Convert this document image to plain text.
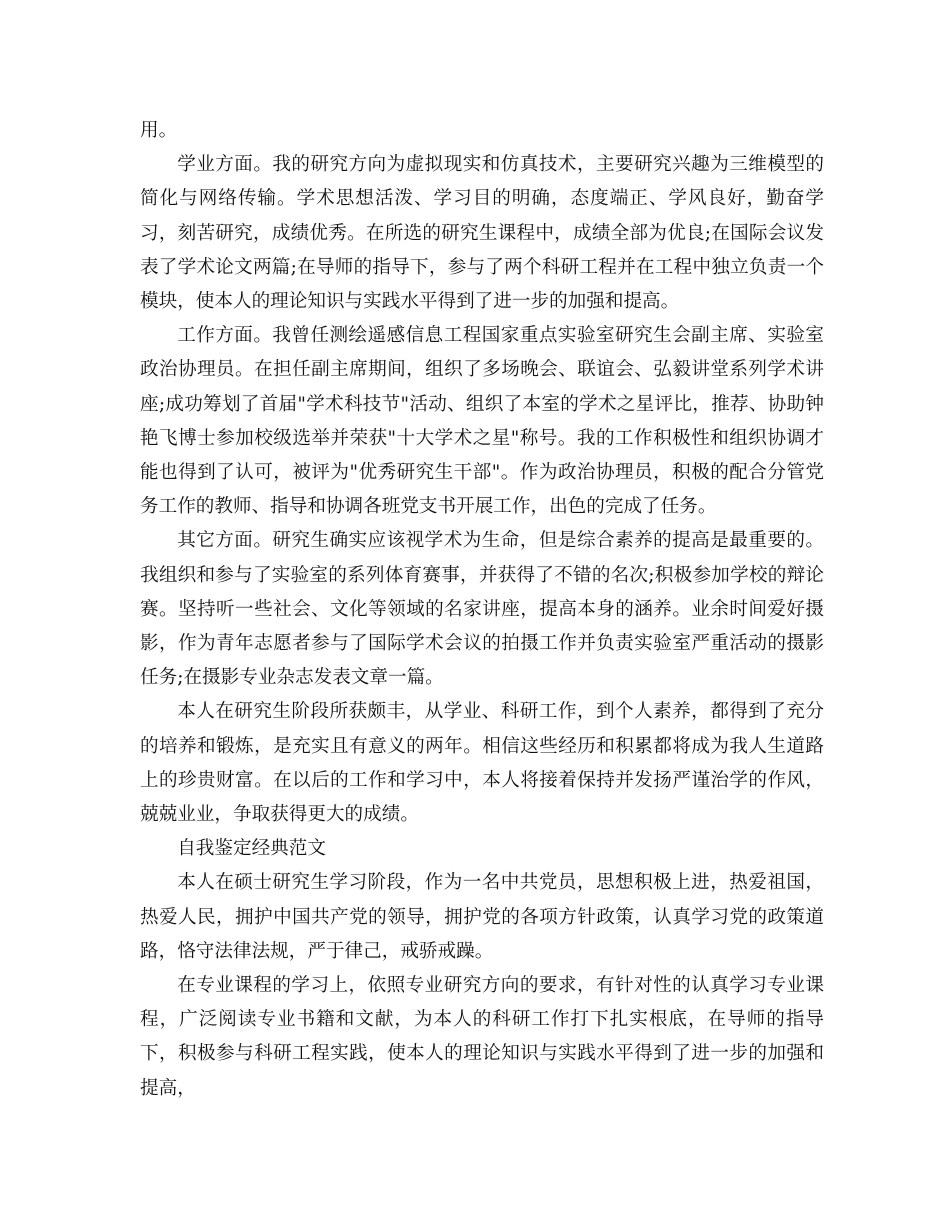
用。

学业方面。我的研究方向为虚拟现实和仿真技术，主要研究兴趣为三维模型的简化与网络传输。学术思想活泼、学习目的明确，态度端正、学风良好，勤奋学习，刻苦研究，成绩优秀。在所选的研究生课程中，成绩全部为优良;在国际会议发表了学术论文两篇;在导师的指导下，参与了两个科研工程并在工程中独立负责一个模块，使本人的理论知识与实践水平得到了进一步的加强和提高。

工作方面。我曾任测绘遥感信息工程国家重点实验室研究生会副主席、实验室政治协理员。在担任副主席期间，组织了多场晚会、联谊会、弘毅讲堂系列学术讲座;成功筹划了首届"学术科技节"活动、组织了本室的学术之星评比，推荐、协助钟艳飞博士参加校级选举并荣获"十大学术之星"称号。我的工作积极性和组织协调才能也得到了认可，被评为"优秀研究生干部"。作为政治协理员，积极的配合分管党务工作的教师、指导和协调各班党支书开展工作，出色的完成了任务。

其它方面。研究生确实应该视学术为生命，但是综合素养的提高是最重要的。我组织和参与了实验室的系列体育赛事，并获得了不错的名次;积极参加学校的辩论赛。坚持听一些社会、文化等领域的名家讲座，提高本身的涵养。业余时间爱好摄影，作为青年志愿者参与了国际学术会议的拍摄工作并负责实验室严重活动的摄影任务;在摄影专业杂志发表文章一篇。

本人在研究生阶段所获颇丰，从学业、科研工作，到个人素养，都得到了充分的培养和锻炼，是充实且有意义的两年。相信这些经历和积累都将成为我人生道路上的珍贵财富。在以后的工作和学习中，本人将接着保持并发扬严谨治学的作风，兢兢业业，争取获得更大的成绩。

自我鉴定经典范文

本人在硕士研究生学习阶段，作为一名中共党员，思想积极上进，热爱祖国，热爱人民，拥护中国共产党的领导，拥护党的各项方针政策，认真学习党的政策道路，恪守法律法规，严于律己，戒骄戒躁。

在专业课程的学习上，依照专业研究方向的要求，有针对性的认真学习专业课程，广泛阅读专业书籍和文献，为本人的科研工作打下扎实根底，在导师的指导下，积极参与科研工程实践，使本人的理论知识与实践水平得到了进一步的加强和提高，
